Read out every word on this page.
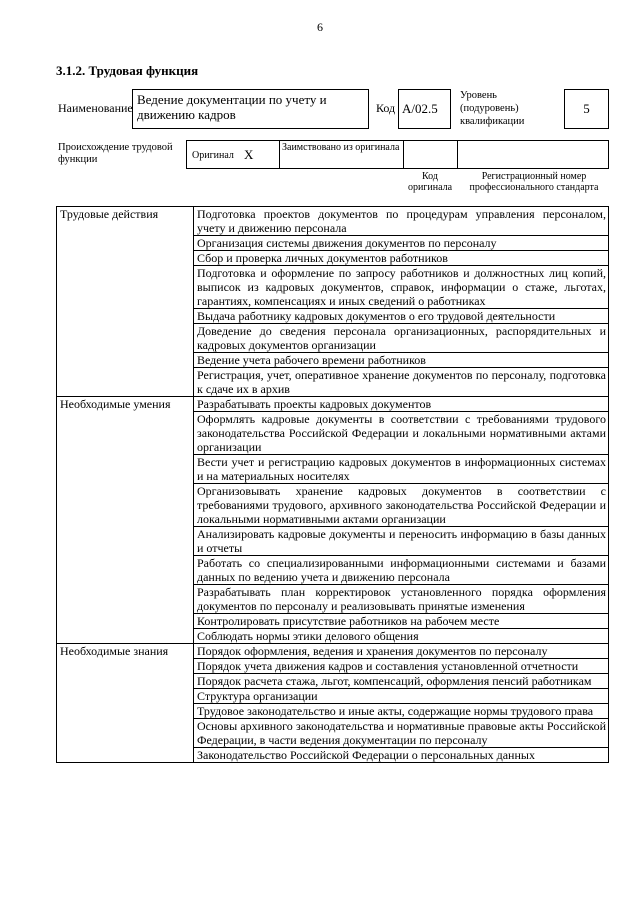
6
3.1.2. Трудовая функция
Наименование
Ведение документации по учету и движению кадров	Код А/02.5
Уровень (подуровень) квалификации
5
Происхождение трудовой функции	Оригинал Х	Заимствовано из оригинала
Код оригинала
Регистрационный номер профессионального стандарта
Трудовые действия	Подготовка проектов документов по процедурам управления персоналом, учету и движению персонала
	Организация системы движения документов по персоналу
	Сбор и проверка личных документов работников
	Подготовка и оформление по запросу работников и должностных лиц копий, выписок из кадровых документов, справок, информации о стаже, льготах, гарантиях, компенсациях и иных сведений о работниках
	Выдача работнику кадровых документов о его трудовой деятельности
	Доведение до сведения персонала организационных, распорядительных и кадровых документов организации
	Ведение учета рабочего времени работников
	Регистрация, учет, оперативное хранение документов по персоналу, подготовка к сдаче их в архив
Необходимые умения	Разрабатывать проекты кадровых документов
	Оформлять кадровые документы в соответствии с требованиями трудового законодательства Российской Федерации и локальными нормативными актами организации
	Вести учет и регистрацию кадровых документов в информационных системах и на материальных носителях
	Организовывать хранение кадровых документов в соответствии с требованиями трудового, архивного законодательства Российской Федерации и локальными нормативными актами организации
	Анализировать кадровые документы и переносить информацию в базы данных и отчеты
	Работать со специализированными информационными системами и базами данных по ведению учета и движению персонала
	Разрабатывать план корректировок установленного порядка оформления документов по персоналу и реализовывать принятые изменения
	Контролировать присутствие работников на рабочем месте
	Соблюдать нормы этики делового общения
Необходимые знания	Порядок оформления, ведения и хранения документов по персоналу
	Порядок учета движения кадров и составления установленной отчетности
	Порядок расчета стажа, льгот, компенсаций, оформления пенсий работникам
	Структура организации
	Трудовое законодательство и иные акты, содержащие нормы трудового права
	Основы архивного законодательства и нормативные правовые акты Российской Федерации, в части ведения документации по персоналу
	Законодательство Российской Федерации о персональных данных
